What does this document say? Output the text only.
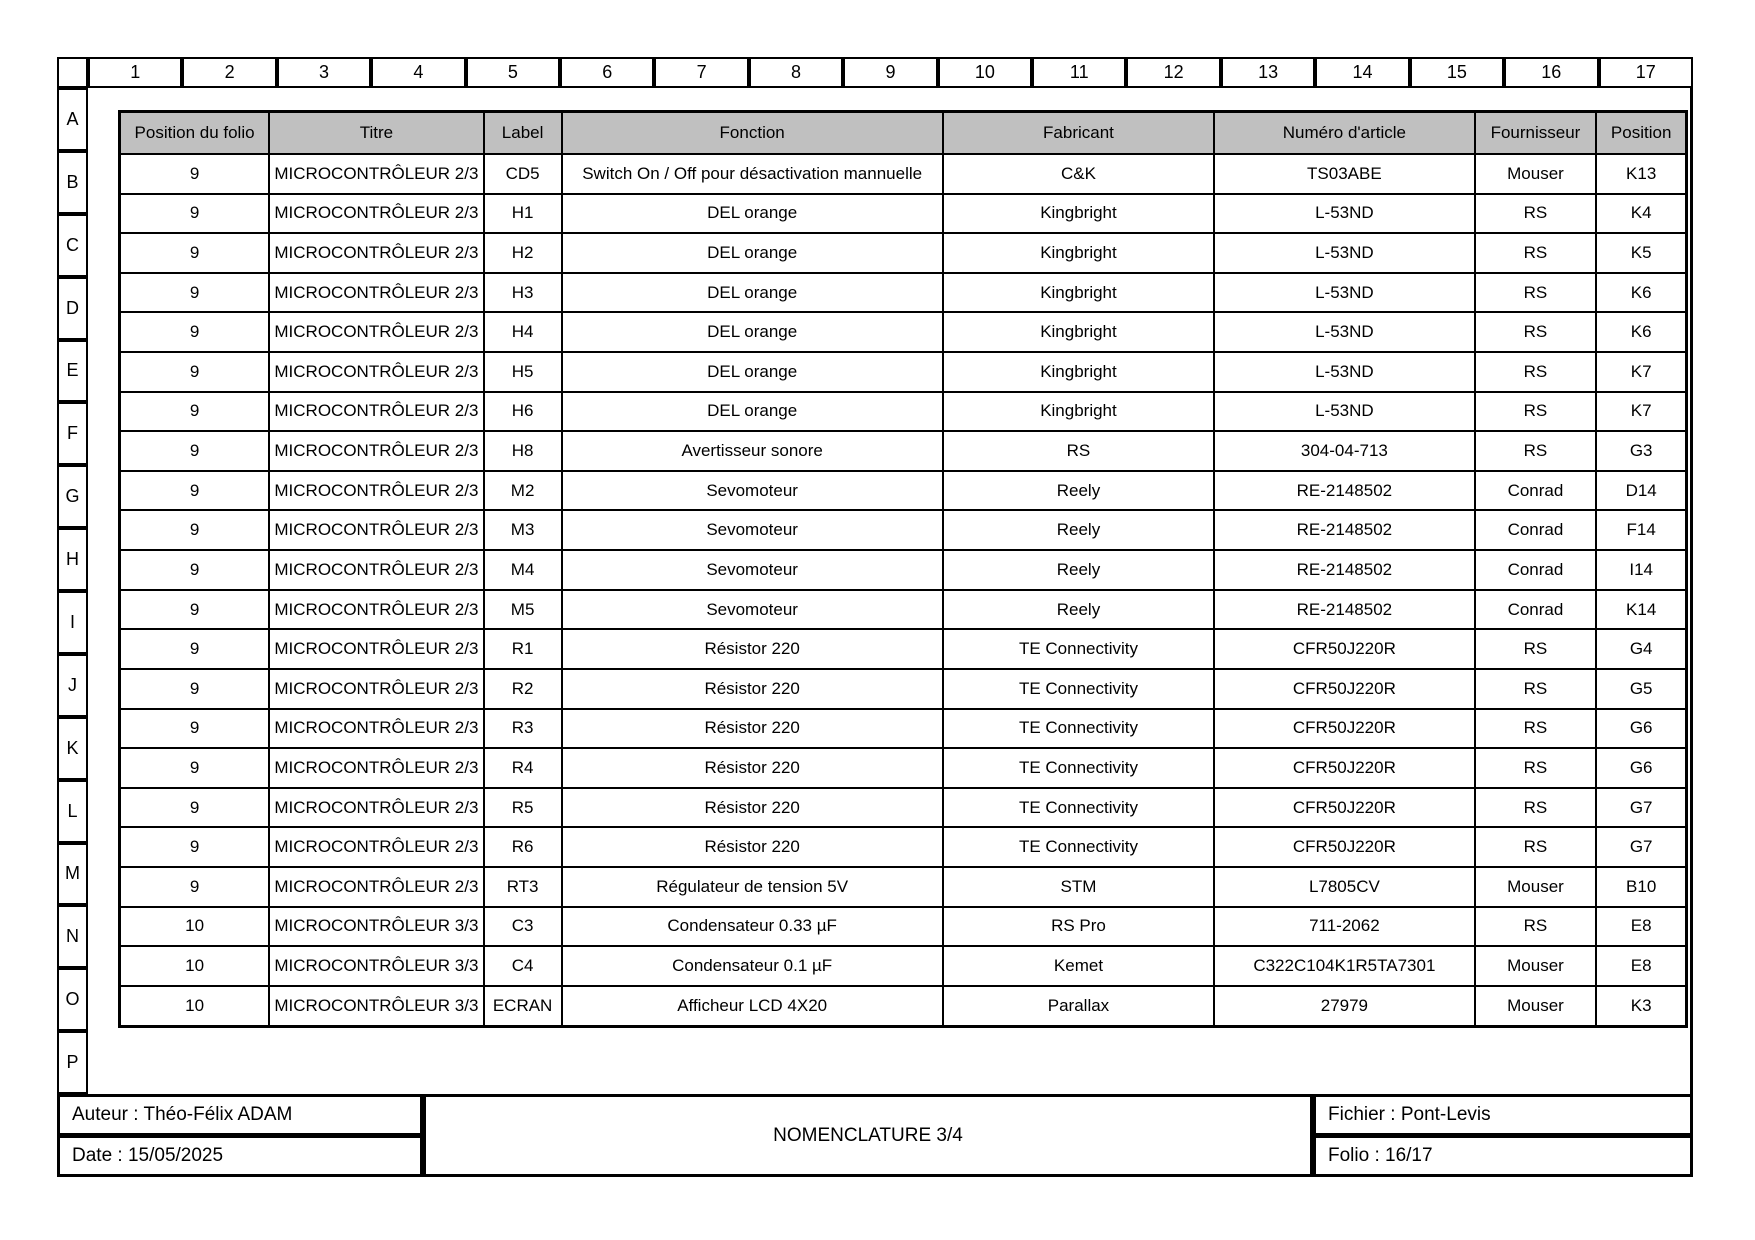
1	2	3	4	5	6	7	8	9	10	11	12	13	14	15	16	17
A
B
C
D
E
F
G
H
I
J
K
L
M
N
O
P
Position du folio	Titre	Label	Fonction	Fabricant	Numéro d'article	Fournisseur	Position
9	MICROCONTRÔLEUR 2/3	CD5	Switch On / Off pour désactivation mannuelle	C&K	TS03ABE	Mouser	K13
9	MICROCONTRÔLEUR 2/3	H1	DEL orange	Kingbright	L-53ND	RS	K4
9	MICROCONTRÔLEUR 2/3	H2	DEL orange	Kingbright	L-53ND	RS	K5
9	MICROCONTRÔLEUR 2/3	H3	DEL orange	Kingbright	L-53ND	RS	K6
9	MICROCONTRÔLEUR 2/3	H4	DEL orange	Kingbright	L-53ND	RS	K6
9	MICROCONTRÔLEUR 2/3	H5	DEL orange	Kingbright	L-53ND	RS	K7
9	MICROCONTRÔLEUR 2/3	H6	DEL orange	Kingbright	L-53ND	RS	K7
9	MICROCONTRÔLEUR 2/3	H8	Avertisseur sonore	RS	304-04-713	RS	G3
9	MICROCONTRÔLEUR 2/3	M2	Sevomoteur	Reely	RE-2148502	Conrad	D14
9	MICROCONTRÔLEUR 2/3	M3	Sevomoteur	Reely	RE-2148502	Conrad	F14
9	MICROCONTRÔLEUR 2/3	M4	Sevomoteur	Reely	RE-2148502	Conrad	I14
9	MICROCONTRÔLEUR 2/3	M5	Sevomoteur	Reely	RE-2148502	Conrad	K14
9	MICROCONTRÔLEUR 2/3	R1	Résistor 220	TE Connectivity	CFR50J220R	RS	G4
9	MICROCONTRÔLEUR 2/3	R2	Résistor 220	TE Connectivity	CFR50J220R	RS	G5
9	MICROCONTRÔLEUR 2/3	R3	Résistor 220	TE Connectivity	CFR50J220R	RS	G6
9	MICROCONTRÔLEUR 2/3	R4	Résistor 220	TE Connectivity	CFR50J220R	RS	G6
9	MICROCONTRÔLEUR 2/3	R5	Résistor 220	TE Connectivity	CFR50J220R	RS	G7
9	MICROCONTRÔLEUR 2/3	R6	Résistor 220	TE Connectivity	CFR50J220R	RS	G7
9	MICROCONTRÔLEUR 2/3	RT3	Régulateur de tension 5V	STM	L7805CV	Mouser	B10
10	MICROCONTRÔLEUR 3/3	C3	Condensateur 0.33 µF	RS Pro	711-2062	RS	E8
10	MICROCONTRÔLEUR 3/3	C4	Condensateur 0.1 µF	Kemet	C322C104K1R5TA7301	Mouser	E8
10	MICROCONTRÔLEUR 3/3	ECRAN	Afficheur LCD 4X20	Parallax	27979	Mouser	K3
Auteur : Théo-Félix ADAM
Date : 15/05/2025
NOMENCLATURE 3/4
Fichier : Pont-Levis
Folio : 16/17
